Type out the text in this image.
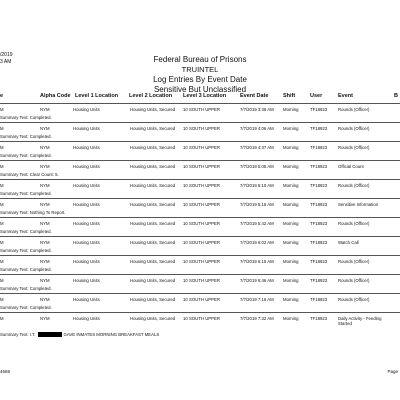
/2019
3 AM	Federal Bureau of Prisons
TRUINTEL
Log Entries By Event Date
Sensitive But Unclassified
e	Alpha Code Level 1 Location Level 2 Location Level 3 Location	Event Date	Shift	User	Event	B
M	NYM	Housing Units	Housing Units, Secured 10 SOUTH UPPER	7/7/2019 3:36 AM Morning	TF18923	Rounds (Officer)
Summary Text: Completed.
M	NYM	Housing Units	Housing Units, Secured 10 SOUTH UPPER	7/7/2019 4:06 AM Morning	TF18923	Rounds (Officer)
Summary Text: Completed.
M	NYM	Housing Units	Housing Units, Secured 10 SOUTH UPPER	7/7/2019 4:37 AM Morning	TF18923	Rounds (Officer)
Summary Text: Completed.
M	NYM	Housing Units	Housing Units, Secured 10 SOUTH UPPER	7/7/2019 5:05 AM Morning	TF18923	Official Count
Summary Text: Clear Count: 5.
M	NYM	Housing Units	Housing Units, Secured 10 SOUTH UPPER	7/7/2019 5:10 AM Morning	TF18923	Rounds (Officer)
Summary Text: Completed.
M	NYM	Housing Units	Housing Units, Secured 10 SOUTH UPPER	7/7/2019 5:15 AM Morning	TF18923	Sensitive Information
Summary Text: Nothing To Report.
M	NYM	Housing Units	Housing Units, Secured 10 SOUTH UPPER	7/7/2019 5:42 AM Morning	TF18923	Rounds (Officer)
Summary Text: Completed.
M	NYM	Housing Units	Housing Units, Secured 10 SOUTH UPPER	7/7/2019 6:02 AM Morning	TF18923	Watch Call
Summary Text: Completed.
M	NYM	Housing Units	Housing Units, Secured 10 SOUTH UPPER	7/7/2019 6:15 AM Morning	TF18923	Rounds (Officer)
Summary Text: Completed.
M	NYM	Housing Units	Housing Units, Secured 10 SOUTH UPPER	7/7/2019 6:46 AM Morning	TF18923	Rounds (Officer)
Summary Text: Completed.
M	NYM	Housing Units	Housing Units, Secured 10 SOUTH UPPER	7/7/2019 7:16 AM Morning	TF18923	Rounds (Officer)
Summary Text: Completed.
M	NYM	Housing Units	Housing Units, Secured 10 SOUTH UPPER	7/7/2019 7:32 AM Morning	TF18923	Daily Activity - Feeding
Started
Summary Text: I.T.	GAVE INMATES MORNING BREAKFAST MEALS
4668	Page
